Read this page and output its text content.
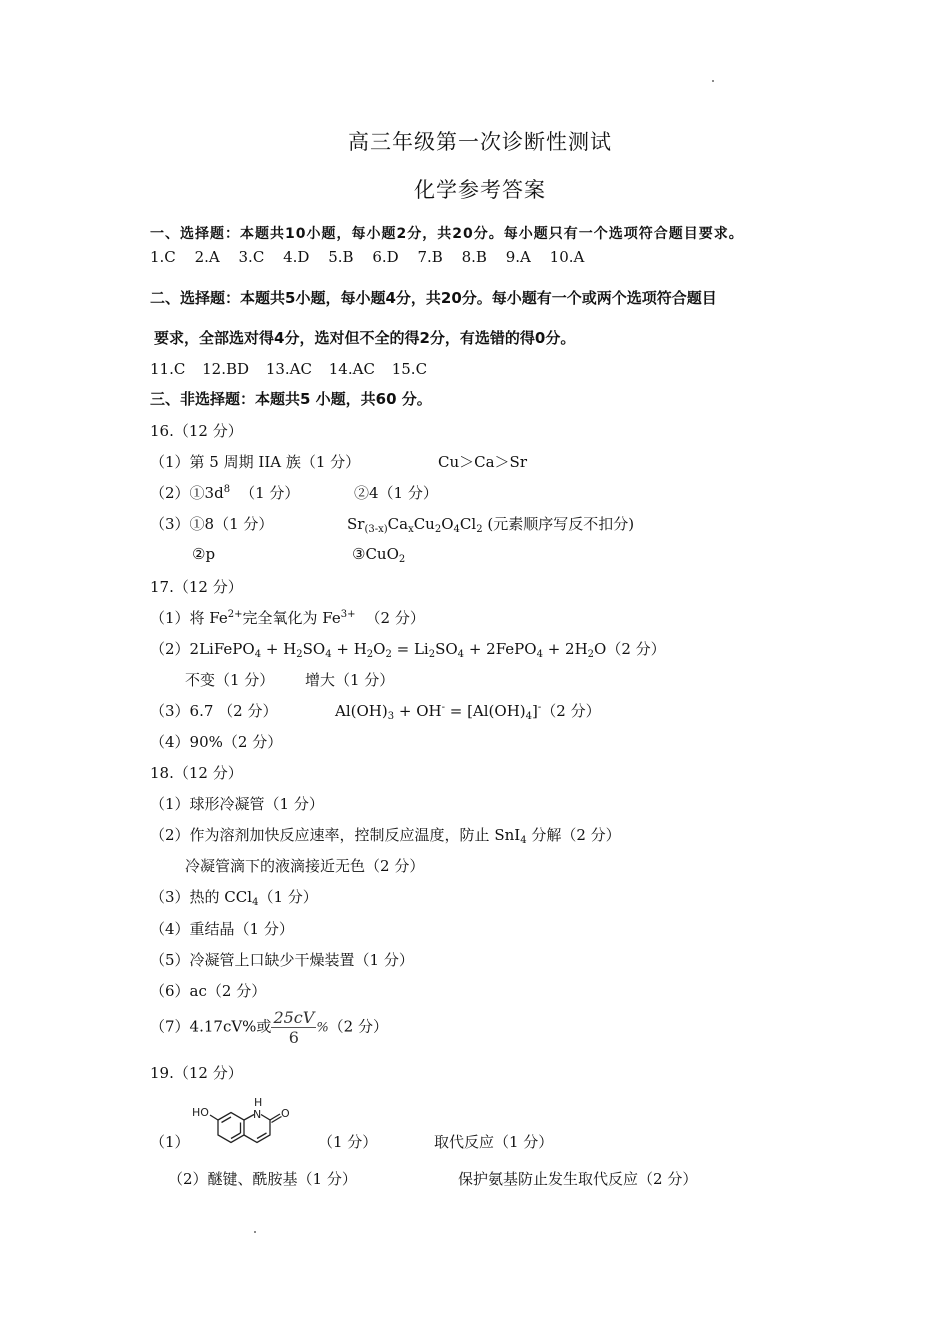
高三年级第一次诊断性测试
化学参考答案
一、选择题：本题共10小题，每小题2分，共20分。每小题只有一个选项符合题目要求。
1.C 2.A 3.C 4.D 5.B 6.D 7.B 8.B 9.A 10.A
二、选择题：本题共5小题，每小题4分，共20分。每小题有一个或两个选项符合题目
要求，全部选对得4分，选对但不全的得2分，有选错的得0分。
11.C 12.BD 13.AC 14.AC 15.C
三、非选择题：本题共5 小题，共60 分。
16.（12 分）
（1）第 5 周期 IIA 族（1 分）	Cu＞Ca＞Sr
$(2)①3d^8$ （1 分）	②4（1 分）
（3）①8（1 分）	$Sr_{(3-x)}Ca_xCu_2O_4Cl_2$ (元素顺序写反不扣分)
②p	③CuO$_2$
17.（12 分）
（1）将 $Fe^{2+}$完全氧化为 $Fe^{3+}$ （2 分）
（2）2LiFePO$_4$ + $H_2SO_4 + H_2O_2 = Li_2SO_4$ + 2FePO$_4$ + $2H_2O(2$ 分）
不变（1 分） 增大（1 分）
（3）6.7 （2 分）	$Al(OH)_3 + OH^- = [Al(OH)_4]^-(2$ 分）
（4）90%（2 分）
18.（12 分）
（1）球形冷凝管（1 分）
（2）作为溶剂加快反应速率，控制反应温度，防止 SnI$_4$ 分解（2 分）
冷凝管滴下的液滴接近无色（2 分）
（3）热的 CCl$_4$（1 分）
（4）重结晶（1 分）
（5）冷凝管上口缺少干燥装置（1 分）
（6）ac（2 分）
（7）4.17cV%或 $\frac{25cV}{6} \%(2$ 分）
19.（12 分）
（1）
HO
H
N O
（1 分）	取代反应（1 分）
（2）醚键、酰胺基（1 分）	保护氨基防止发生取代反应（2 分）
